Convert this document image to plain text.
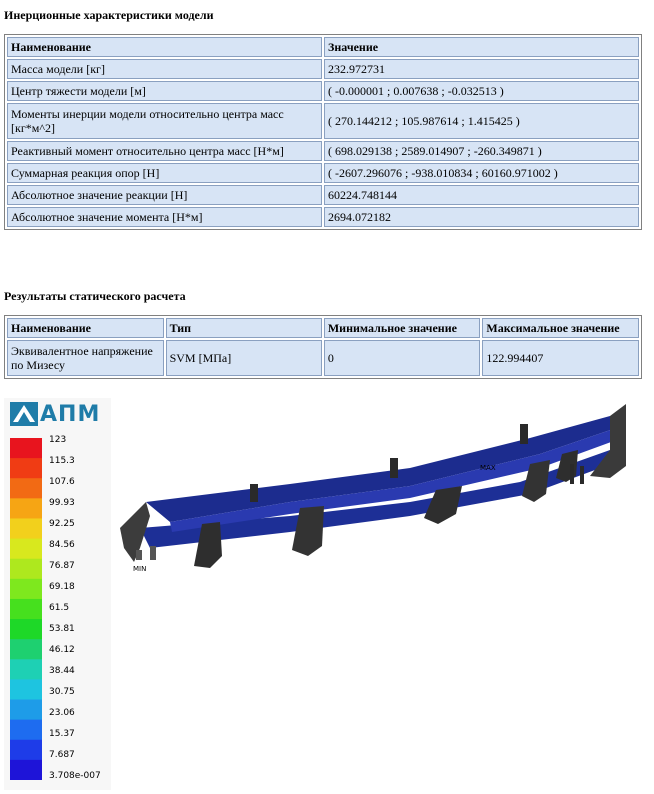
Инерционные характеристики модели
Наименование	Значение
Масса модели [кг]	232.972731
Центр тяжести модели [м]	( -0.000001 ; 0.007638 ; -0.032513 )
Моменты инерции модели относительно центра масс [кг*м^2]	( 270.144212 ; 105.987614 ; 1.415425 )
Реактивный момент относительно центра масс [Н*м]	( 698.029138 ; 2589.014907 ; -260.349871 )
Суммарная реакция опор [Н]	( -2607.296076 ; -938.010834 ; 60160.971002 )
Абсолютное значение реакции [Н]	60224.748144
Абсолютное значение момента [Н*м]	2694.072182
Результаты статического расчета
Наименование	Тип	Минимальное значение	Максимальное значение
Эквивалентное напряжение по Мизесу	SVM [МПа]	0	122.994407
АПМ
123
115.3
107.6
99.93
92.25
84.56
76.87
69.18
61.5
53.81
46.12
38.44
30.75
23.06
15.37
7.687
3.708e-007
MIN
MAX
